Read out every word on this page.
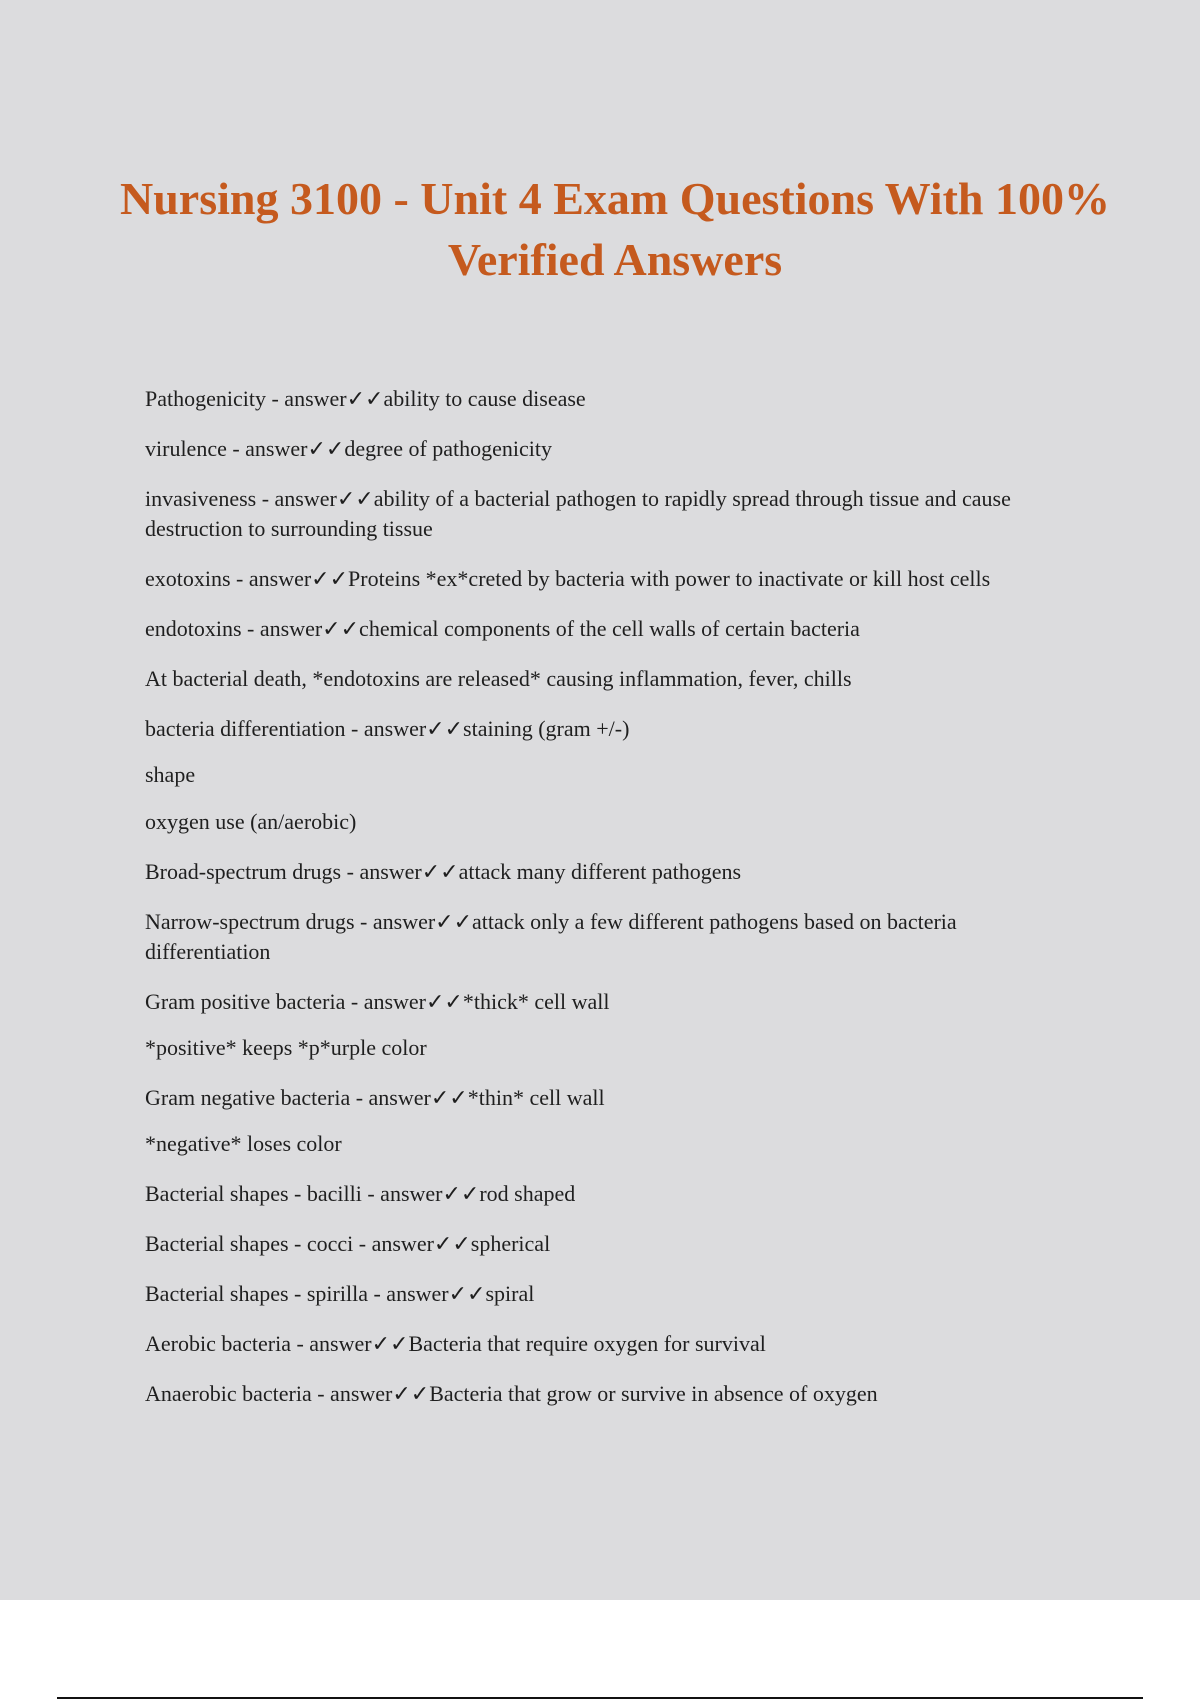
Nursing 3100 - Unit 4 Exam Questions With 100% Verified Answers
Pathogenicity - answer✓✓ability to cause disease
virulence - answer✓✓degree of pathogenicity
invasiveness - answer✓✓ability of a bacterial pathogen to rapidly spread through tissue and cause destruction to surrounding tissue
exotoxins - answer✓✓Proteins *ex*creted by bacteria with power to inactivate or kill host cells
endotoxins - answer✓✓chemical components of the cell walls of certain bacteria
At bacterial death, *endotoxins are released* causing inflammation, fever, chills
bacteria differentiation - answer✓✓staining (gram +/-)
shape
oxygen use (an/aerobic)
Broad-spectrum drugs - answer✓✓attack many different pathogens
Narrow-spectrum drugs - answer✓✓attack only a few different pathogens based on bacteria differentiation
Gram positive bacteria - answer✓✓*thick* cell wall
*positive* keeps *p*urple color
Gram negative bacteria - answer✓✓*thin* cell wall
*negative* loses color
Bacterial shapes - bacilli - answer✓✓rod shaped
Bacterial shapes - cocci - answer✓✓spherical
Bacterial shapes - spirilla - answer✓✓spiral
Aerobic bacteria - answer✓✓Bacteria that require oxygen for survival
Anaerobic bacteria - answer✓✓Bacteria that grow or survive in absence of oxygen
